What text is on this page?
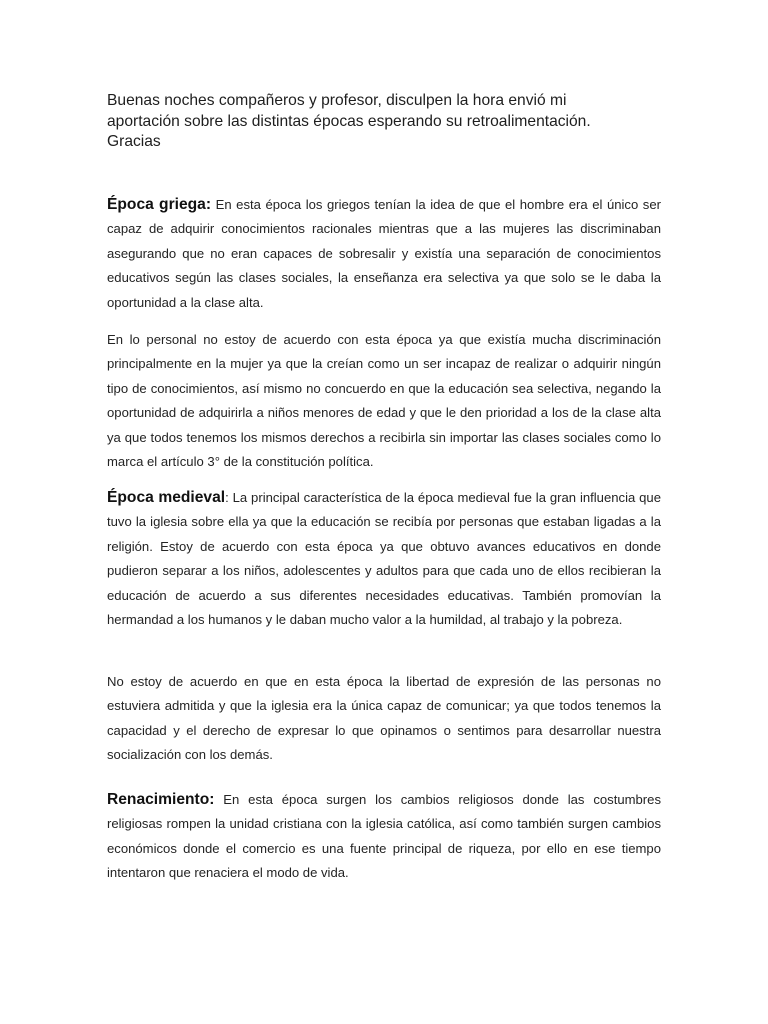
Buenas noches compañeros y profesor, disculpen la hora envió mi
aportación sobre las distintas épocas esperando su retroalimentación.
Gracias

Época griega: En esta época los griegos tenían la idea de que el hombre era el único ser capaz de adquirir conocimientos racionales mientras que a las mujeres las discriminaban asegurando que no eran capaces de sobresalir y existía una separación de conocimientos educativos según las clases sociales, la enseñanza era selectiva ya que solo se le daba la oportunidad a la clase alta.

En lo personal no estoy de acuerdo con esta época ya que existía mucha discriminación principalmente en la mujer ya que la creían como un ser incapaz de realizar o adquirir ningún tipo de conocimientos, así mismo no concuerdo en que la educación sea selectiva, negando la oportunidad de adquirirla a niños menores de edad y que le den prioridad a los de la clase alta ya que todos tenemos los mismos derechos a recibirla sin importar las clases sociales como lo marca el artículo 3° de la constitución política.

Época medieval: La principal característica de la época medieval fue la gran influencia que tuvo la iglesia sobre ella ya que la educación se recibía por personas que estaban ligadas a la religión. Estoy de acuerdo con esta época ya que obtuvo avances educativos en donde pudieron separar a los niños, adolescentes y adultos para que cada uno de ellos recibieran la educación de acuerdo a sus diferentes necesidades educativas. También promovían la hermandad a los humanos y le daban mucho valor a la humildad, al trabajo y la pobreza.

No estoy de acuerdo en que en esta época la libertad de expresión de las personas no estuviera admitida y que la iglesia era la única capaz de comunicar; ya que todos tenemos la capacidad y el derecho de expresar lo que opinamos o sentimos para desarrollar nuestra socialización con los demás.

Renacimiento: En esta época surgen los cambios religiosos donde las costumbres religiosas rompen la unidad cristiana con la iglesia católica, así como también surgen cambios económicos donde el comercio es una fuente principal de riqueza, por ello en ese tiempo intentaron que renaciera el modo de vida.
